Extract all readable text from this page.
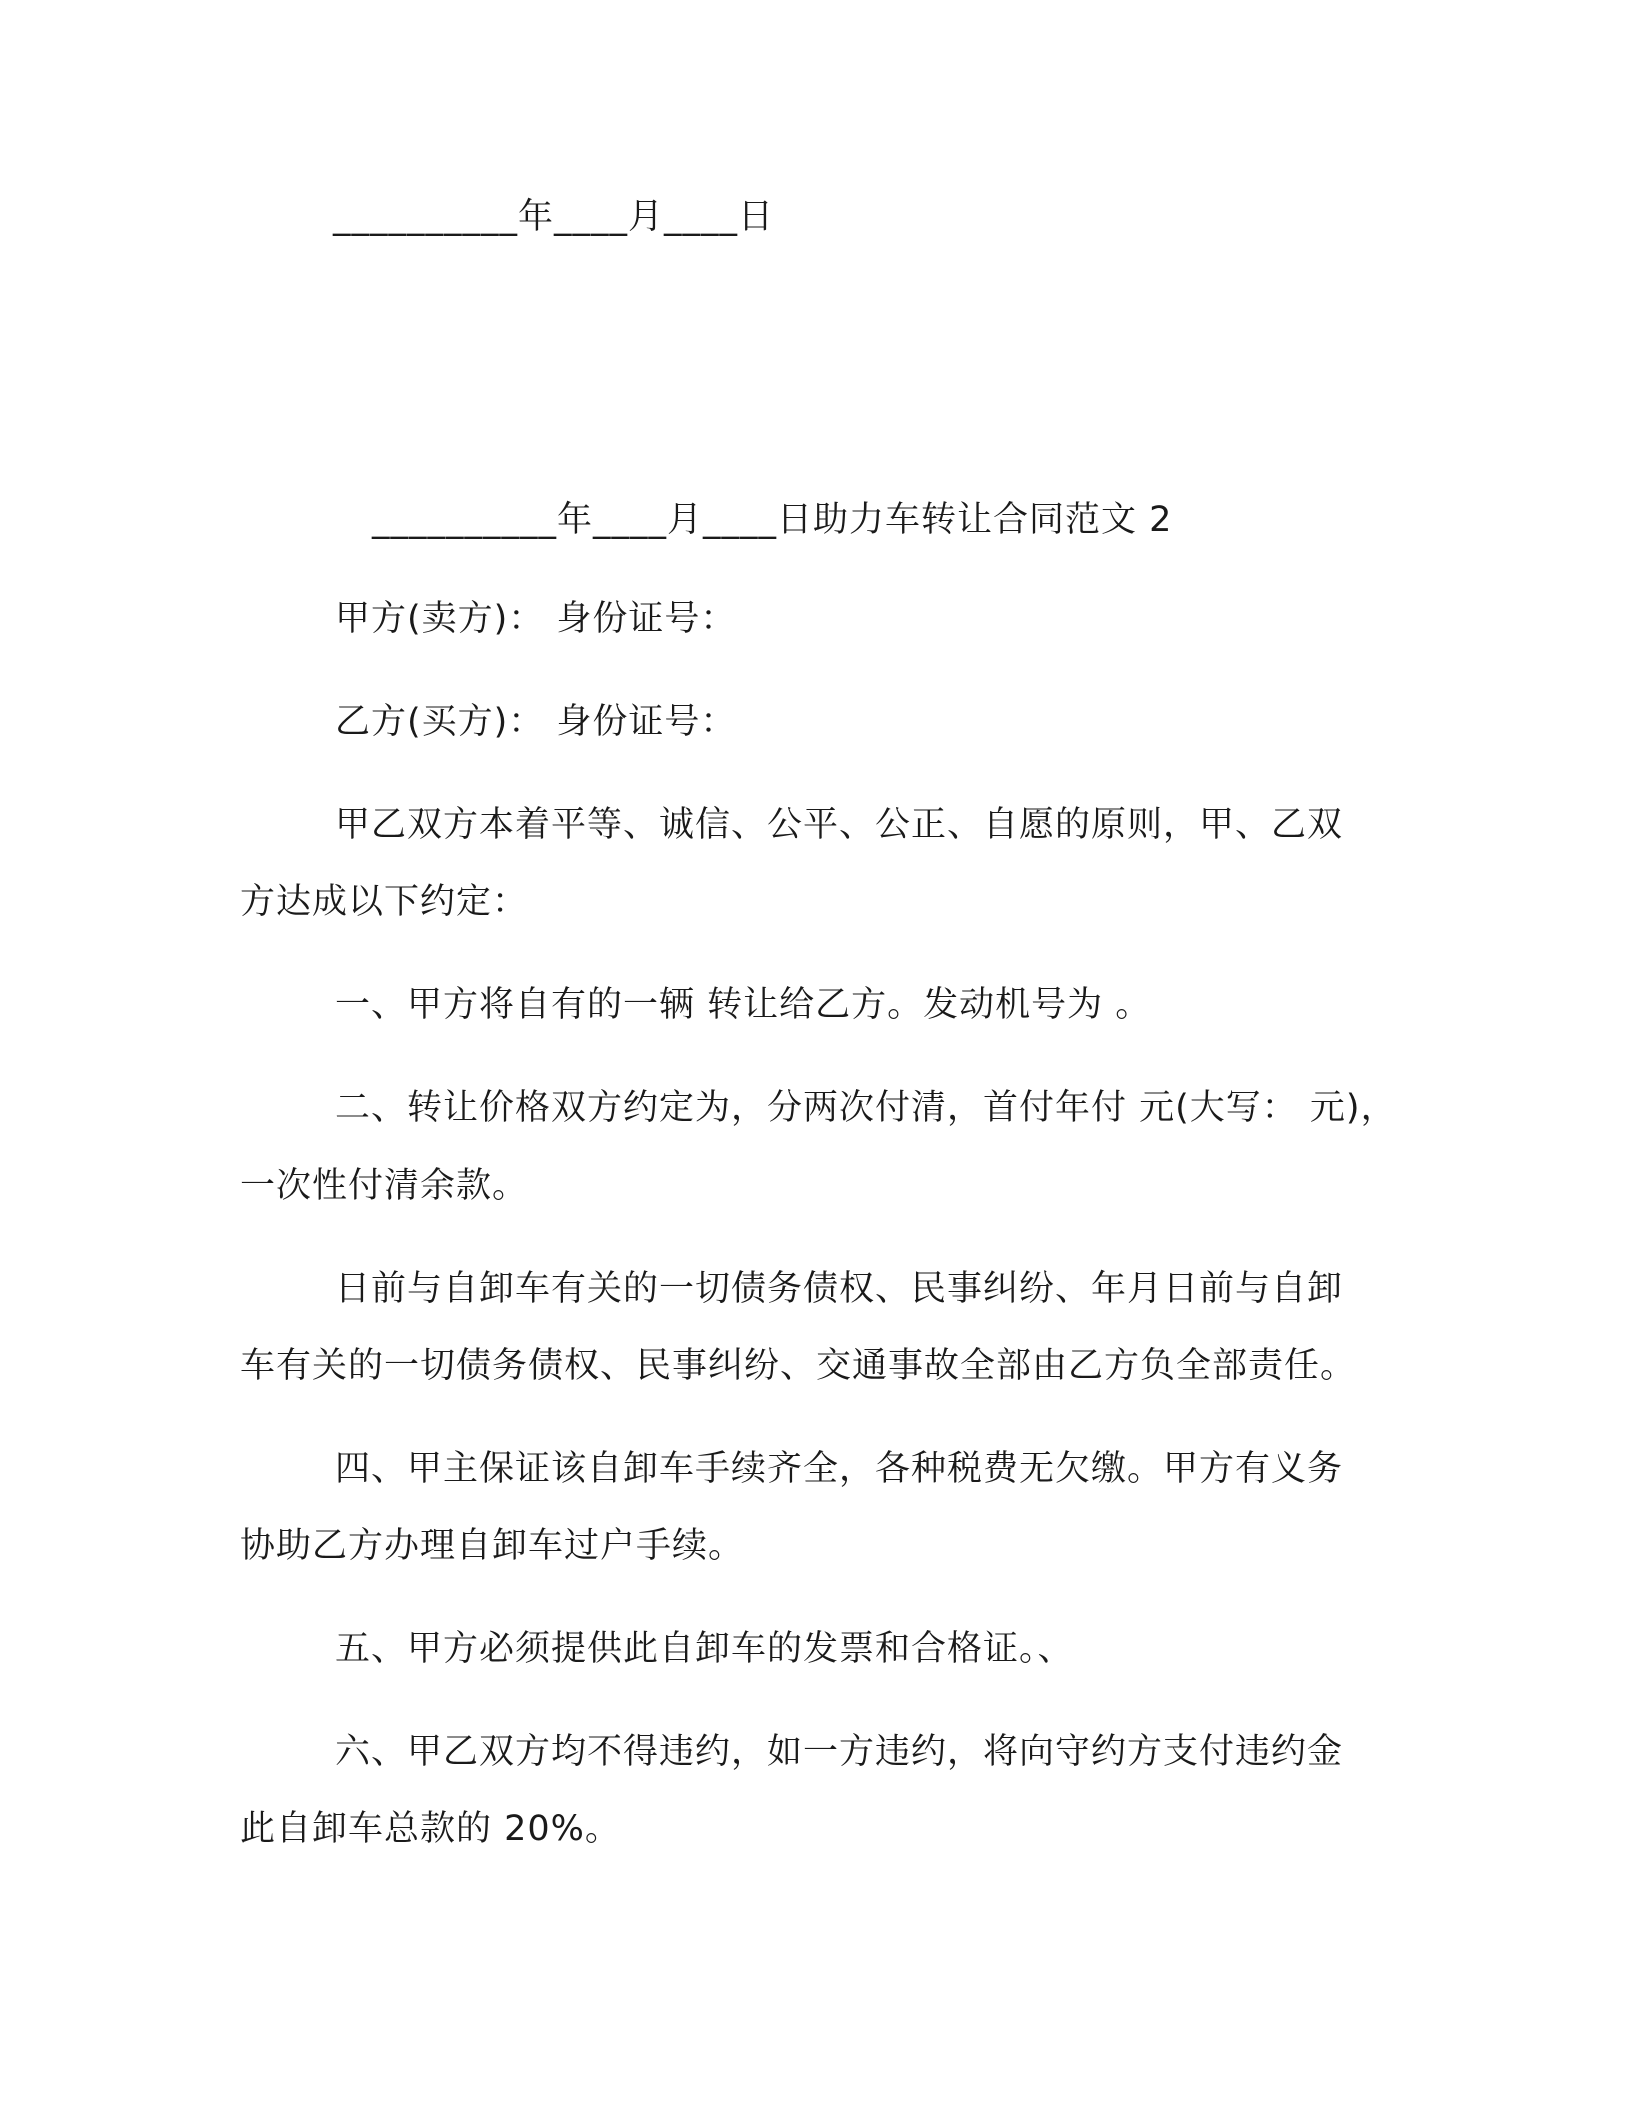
__________年____月____日
__________年____月____日助力车转让合同范文 2
甲方(卖方)： 身份证号：
乙方(买方)： 身份证号：
甲乙双方本着平等、诚信、公平、公正、自愿的原则，甲、乙双
方达成以下约定：
一、甲方将自有的一辆 转让给乙方。发动机号为 。
二、转让价格双方约定为，分两次付清，首付年付 元(大写： 元)，
一次性付清余款。
日前与自卸车有关的一切债务债权、民事纠纷、年月日前与自卸
车有关的一切债务债权、民事纠纷、交通事故全部由乙方负全部责任。
四、甲主保证该自卸车手续齐全，各种税费无欠缴。甲方有义务
协助乙方办理自卸车过户手续。
五、甲方必须提供此自卸车的发票和合格证。、
六、甲乙双方均不得违约，如一方违约，将向守约方支付违约金
此自卸车总款的 20%。
